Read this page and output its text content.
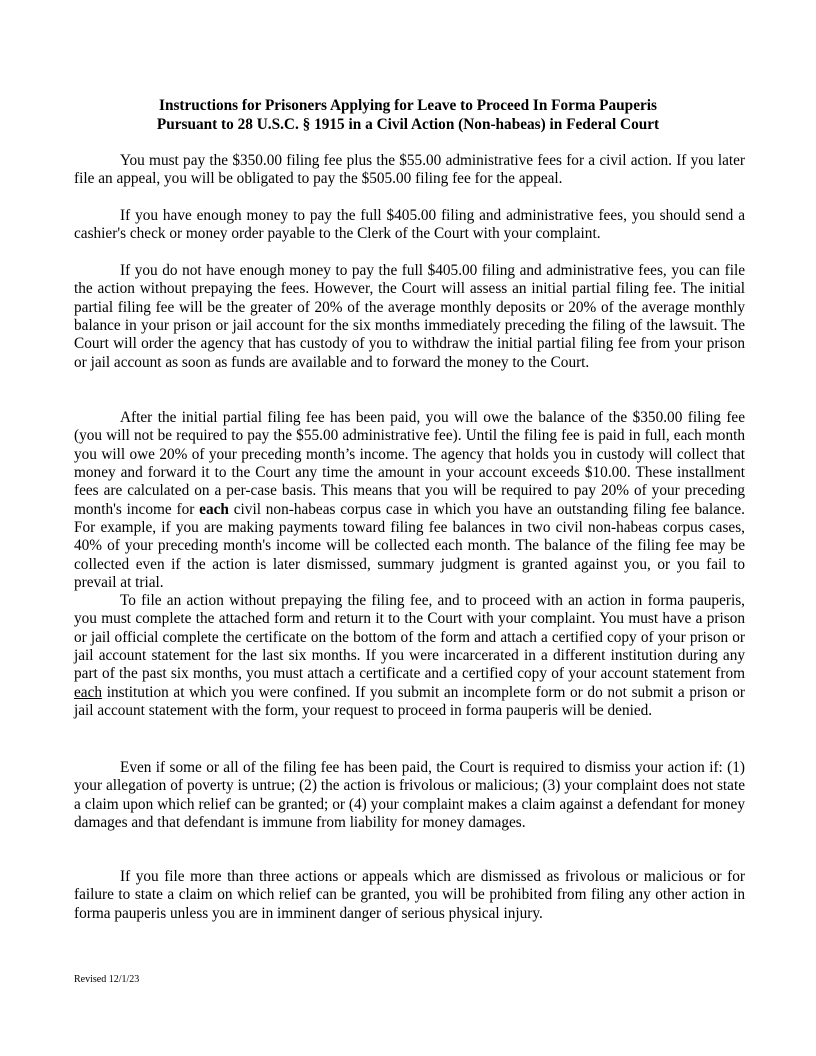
Instructions for Prisoners Applying for Leave to Proceed In Forma Pauperis
Pursuant to 28 U.S.C. § 1915 in a Civil Action (Non-habeas) in Federal Court

You must pay the $350.00 filing fee plus the $55.00 administrative fees for a civil action. If you later file an appeal, you will be obligated to pay the $505.00 filing fee for the appeal.

If you have enough money to pay the full $405.00 filing and administrative fees, you should send a cashier's check or money order payable to the Clerk of the Court with your complaint.

If you do not have enough money to pay the full $405.00 filing and administrative fees, you can file the action without prepaying the fees. However, the Court will assess an initial partial filing fee. The initial partial filing fee will be the greater of 20% of the average monthly deposits or 20% of the average monthly balance in your prison or jail account for the six months immediately preceding the filing of the lawsuit. The Court will order the agency that has custody of you to withdraw the initial partial filing fee from your prison or jail account as soon as funds are available and to forward the money to the Court.

After the initial partial filing fee has been paid, you will owe the balance of the $350.00 filing fee (you will not be required to pay the $55.00 administrative fee). Until the filing fee is paid in full, each month you will owe 20% of your preceding month’s income. The agency that holds you in custody will collect that money and forward it to the Court any time the amount in your account exceeds $10.00. These installment fees are calculated on a per-case basis. This means that you will be required to pay 20% of your preceding month's income for each civil non-habeas corpus case in which you have an outstanding filing fee balance. For example, if you are making payments toward filing fee balances in two civil non-habeas corpus cases, 40% of your preceding month's income will be collected each month. The balance of the filing fee may be collected even if the action is later dismissed, summary judgment is granted against you, or you fail to prevail at trial.

To file an action without prepaying the filing fee, and to proceed with an action in forma pauperis, you must complete the attached form and return it to the Court with your complaint. You must have a prison or jail official complete the certificate on the bottom of the form and attach a certified copy of your prison or jail account statement for the last six months. If you were incarcerated in a different institution during any part of the past six months, you must attach a certificate and a certified copy of your account statement from each institution at which you were confined. If you submit an incomplete form or do not submit a prison or jail account statement with the form, your request to proceed in forma pauperis will be denied.

Even if some or all of the filing fee has been paid, the Court is required to dismiss your action if: (1) your allegation of poverty is untrue; (2) the action is frivolous or malicious; (3) your complaint does not state a claim upon which relief can be granted; or (4) your complaint makes a claim against a defendant for money damages and that defendant is immune from liability for money damages.

If you file more than three actions or appeals which are dismissed as frivolous or malicious or for failure to state a claim on which relief can be granted, you will be prohibited from filing any other action in forma pauperis unless you are in imminent danger of serious physical injury.

Revised 12/1/23
